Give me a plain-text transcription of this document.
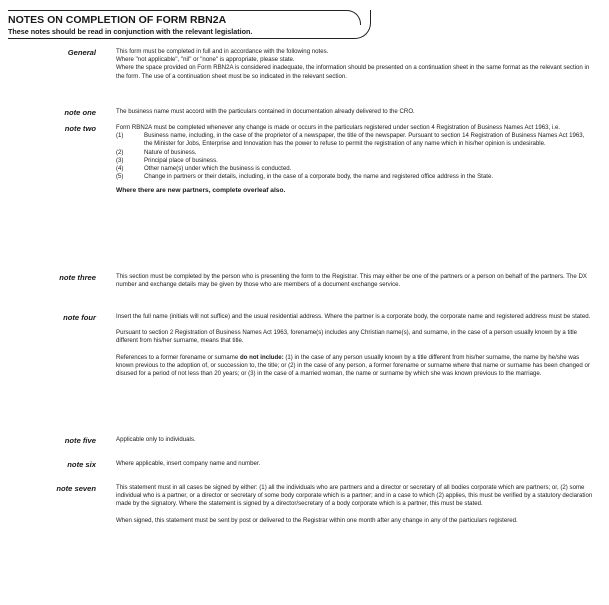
NOTES ON COMPLETION OF FORM RBN2A
These notes should be read in conjunction with the relevant legislation.
General	This form must be completed in full and in accordance with the following notes.

Where "not applicable", "nil" or "none" is appropriate, please state.

Where the space provided on Form RBN2A is considered inadequate, the information should be presented on a continuation sheet in the same format as the relevant section in the form. The use of a continuation sheet must be so indicated in the relevant section.

note one	The business name must accord with the particulars contained in documentation already delivered to the CRO.
note two	Form RBN2A must be completed whenever any change is made or occurs in the particulars registered under section 4 Registration of Business Names Act 1963, i.e.

(1)	Business name, including, in the case of the proprietor of a newspaper, the title of the newspaper. Pursuant to section 14 Registration of Business Names Act 1963, the Minister for Jobs, Enterprise and Innovation has the power to refuse to permit the registration of any name which in his/her opinion is undesirable.
(2)	Nature of business.
(3)	Principal place of business.
(4)	Other name(s) under which the business is conducted.
(5)	Change in partners or their details, including, in the case of a corporate body, the name and registered office address in the State.

Where there are new partners, complete overleaf also.

note three	This section must be completed by the person who is presenting the form to the Registrar. This may either be one of the partners or a person on behalf of the partners. The DX number and exchange details may be given by those who are members of a document exchange service.
note four	Insert the full name (initials will not suffice) and the usual residential address. Where the partner is a corporate body, the corporate name and registered address must be stated.

Pursuant to section 2 Registration of Business Names Act 1963, forename(s) includes any Christian name(s), and surname, in the case of a person usually known by a title different from his/her surname, means that title.

References to a former forename or surname do not include: (1) in the case of any person usually known by a title different from his/her surname, the name by he/she was known previous to the adoption of, or succession to, the title; or (2) in the case of any person, a former forename or surname where that name or surname has been changed or disused for a period of not less than 20 years; or (3) in the case of a married woman, the name or surname by which she was known previous to the marriage.

note five	Applicable only to individuals.
note six	Where applicable, insert company name and number.
note seven	This statement must in all cases be signed by either: (1) all the individuals who are partners and a director or secretary of all bodies corporate which are partners; or, (2) some individual who is a partner, or a director or secretary of some body corporate which is a partner; and in a case to which (2) applies, this must be verified by a statutory declaration made by the signatory. Where the statement is signed by a director/secretary of a body corporate which is a partner, this must be stated.

When signed, this statement must be sent by post or delivered to the Registrar within one month after any change in any of the particulars registered.
